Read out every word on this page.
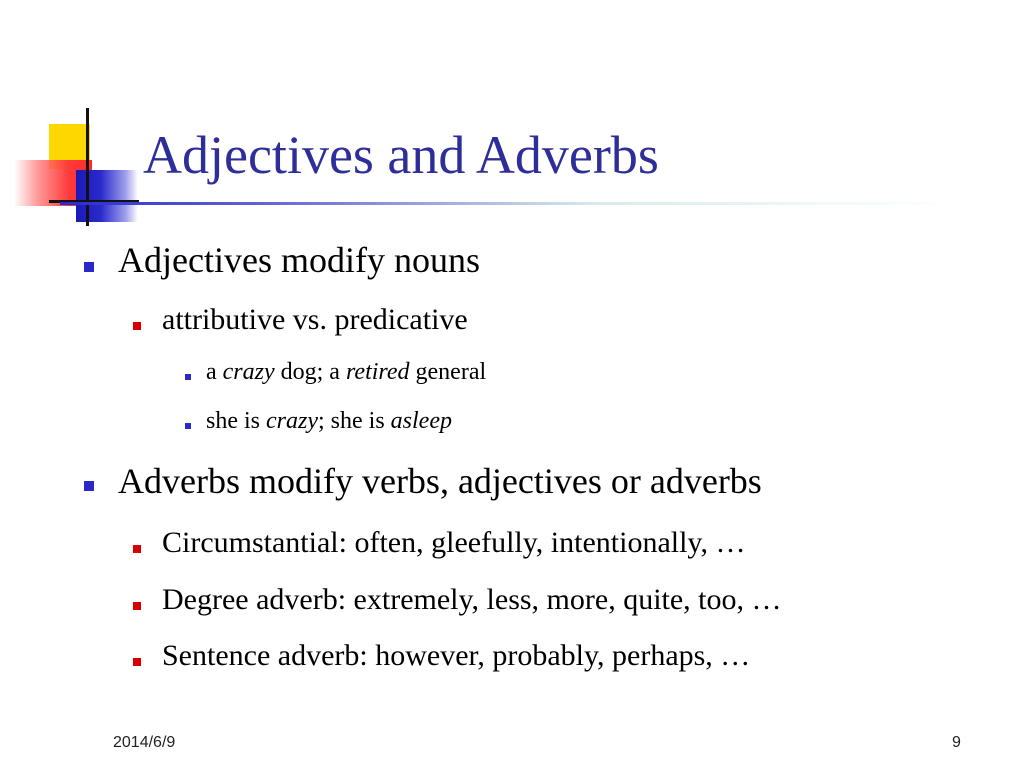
Adjectives and Adverbs
Adjectives modify nouns
attributive vs. predicative
a crazy dog; a retired general
she is crazy; she is asleep
Adverbs modify verbs, adjectives or adverbs
Circumstantial: often, gleefully, intentionally, …
Degree adverb: extremely, less, more, quite, too, …
Sentence adverb: however, probably, perhaps, …
2014/6/9	9
